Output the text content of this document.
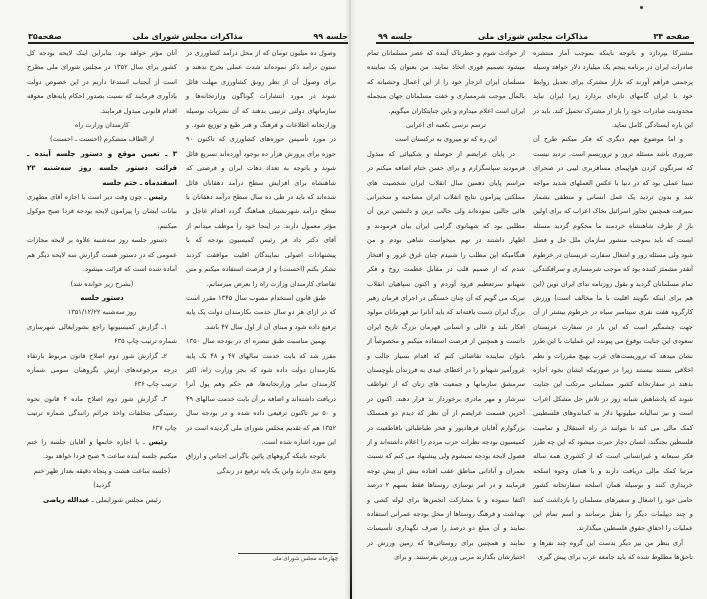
جلسه ۹۹
مذاکرات مجلس شورای ملی
صفحه۳۵	صفحه ۳۴
مذاکرات مجلس شورای ملی
جلسه ۹۹

وصول ده میلیون تومان که از محل درآمد کشاورزی در ستون درآمد ذکر نموده‌اند شدت عملی بخرج ندهند و برای وصول آن از نظر رونق کشاورزی مهلت قائل شوند در مورد انتشارات گوناگون وزارتخانه‌ها و سازمانهای دولتی ترتیبی بدهند که آن نشریات بوسیله وزارتخانه اطلاعات و فرهنگ و هنر طبع و توزیع شود. و در مورد تأسیس حوزه‌های کشاورزی که تاکنون ۹۰ حوزه برای پرورش هزار ده بوجود آورده‌اند تسریع قائل شوند و باتوجه به تعداد دهات ایران و فرصتی که شاهنشاه برای افزایش سطح درآمد دهقانان قائل شده‌اند که باید در طی ده سال سطح درآمد دهقانان با سطح درآمد شهرنشینان هماهنگ گردد اقدام عاجل و مؤثر معمول دارند. در اینجا خود را موظف میدانم از آقای دکتر داد فر رئیس کمیسیون بودجه که با پیشنهادات اصولی نمایندگان اقلیت موافقت کردند تشکر بکنم (احسنت) و از فرصت استفاده میکنم و متن تقاضای کارمندان وزارت راه را بعرض میرسانم.

طبق قانون استخدام مصوب سال ۱۳۴۵ مقرر است که در ازای هر دو سال خدمت بکارمندان دولت یک پایه ترفیع داده شود و مبنای آن از اول سال ۴۷ باشد.

بهمین مناسبت طبق تبصره ای در بودجه سال ۱۳۵۰ مقرر شد که بابت خدمت سالهای ۴۷ و ۴۸ یک پایه بکارمندان دولت داده شود که بجز وزارت راه، اکثر کارمندان سایر وزارتخانه‌ها، هم حکم وهم پول آنرا دریافت داشته‌اند و اضافه بر آن بابت خدمت سالهای ۴۹ و ۵۰ نیز تاکنون ترفیعی داده شده و در بودجه سال ۱۳۵۲ هم که تقدیم مجلس شورای ملی گردیده است در این مورد اشاره شده است.

باتوجه باینکه گروههای پائین باگرانی اجناس و ارزاق وضع بدی دارند واین یک پایه ترفیع در زندگی

چهارخانه مجلس شورای ملی

آنان مؤثر خواهد بود. بنابراین اینک لایحه بودجه کل کشور برای سال ۱۳۵۲ در مجلس شورای ملی مطرح است از آنجناب استدعا داریم در این خصوص دولت یادآوری فرمایند که نسبت بصدور احکام پایه‌های معوقه اقدام قانونی مبذول فرمایند.

کارمندان وزارت راه

از الطاف متشکرم (احسنت ـ احسنت)

۳ ـ تعیین موقع و دستور جلسه آینده ـ قرائت دستور جلسه روز سه‌شنبه ۲۲ اسفندماه ـ ختم جلسه

رئیس ـ چون وقت دیر است با اجازه آقای مطهری بیانات ایشان را پیرامون لایحه بودجه فردا صبح موکول میکنیم.

دستور جلسه روز سه‌شنبه علاوه بر لایحه مجازات عمومی که در دستور هست گزارش سه لایحه دیگر هم آماده شده است که قرائت میشود.

(بشرح زیر خوانده شد)

دستور جلسه

روز سه‌شنبه ۱۳۵۱/۱۲/۲۲

۱ـ گزارش کمیسیونها راجع بشورایعالی شهرسازی شماره ترتیب چاپ ۶۳۵

۲ـ گزارش شور دوم اصلاح قانون مربوط بارتقاء درجه مرجوعه‌های ارتش بگروهبان سومی شماره ترتیب چاپ ۶۳۶

۳ـ گزارش شور دوم اصلاح ماده ۴ قانون نحوه رسیدگی بتخلفات واخذ جرائم رانندگی شماره ترتیب چاپ ۶۳۷

رئیس ـ با اجازه خانمها و آقایان جلسه را ختم میکنیم جلسه آینده ساعت ۹ صبح فردا خواهد بود.

(جلسه ساعت هشت و پنجاه دقیقه بعداز ظهر ختم گردید)

رئیس مجلس شورایملی ـ عبدالله ریاضی

مشترکا بپردازد و باتوجه باینکه بموجب آمار منتشره صادرات ایران در برنامه پنجم یک میلیارد دلار خواهد وسیله پرجمتی فراهم آورند که بازار مشترک برای تعدیل روابط خود با ایران گامهای تازه‌ای بردارد زیرا ایران نباید محدودیت صادرات خود را باز ار مشترک تحمیل کند. باید در این باره ایستادگی کامل نماید.

و اما موضوع مهم دیگری که فکر میکنم طرح آن ضروری باشد مسئله ترور و تروریسم است. تردید نیست که سرنگون کردن هواپیمای مسافربری لیبی در صحرای سینا عملی بود که در دنیا با عکس العملهای شدید مواجه شد و بدون تردید یک عمل انسانی و منطقی بشمار نمیرفت همچنین تجاوز اسرائیل بخاک اعراب که برای اولین بار از طرف شاهنشاه خردمند ما محکوم گردید مسئله ایست که باید بموجب منشور سازمان ملل حل و فصل شود ولی مسئله زور و اشغال سفارت عربستان در خرطوم آنقدر مشمئز کننده بود که موجب شرمساری و سرافکندگی تمام مسلمانان گردید و بقول روزنامه ندای ایران نوین (این هم برای اینکه نگویند اقلیت با ما مخالف است) ورزش کارگروه هفت نفری سپتامبر سیاه در خرطوم بیشتر از آن جهت چشمگیر است که این بار در سفارت عربستان سعودی این جنایت بوقوع می پیوندد این عملیات با این طرز نشان میدهد که تروریست‌های عرب بهیچ مقررات و نظم اخلاقی بستند نیستند زیرا در صورتیکه ایشان بخود اجازه بدهند در سفارتخانه کشور مسلمانی مرتکب این جنایت شوند که پادشاهش شبانه روز در تلاش حل مشکل اعراب است و نیز سالیانه میلیونها دلار به کماندوهای فلسطینی کمک مالی می کند تا بتوانند در راه استقلال و تمامیت فلسطین بجنگند، انسان دچار حیرت میشود که این چه طرز فکر سبعانه و غیرانسانی است که از کشوری همه ساله مرتبا کمک مالی دریافت دارند و با همان وجوه اسلحه خریداری کنند و بوسیله همان اسلحه سفارتخانه کشور حامی خود را اشغال و سفیرهای مسلمان را بازداشت کنند و چند دیپلمات دیگر را بقتل برسانند و اسم تمام این عملیات را احقاق حقوق فلسطین میگذارند.

آری بنظر من نیز دیگر بدست این گروه چند نفرها و ناحق‌ها مطلوط شده که باید جامعه عرب برای پیش گیری

از حوادث شوم و خطرناک آینده که عصر مسلمانان تمام میشود تصمیم فوری اتخاذ نمایند. من بعنوان یک نماینده مسلمان ایران انزجار خود را از این اعمال وحشیانه که بالمآل موجب شرمساری و خفت مسلمانان جهان منجمله ایران است اعلام میدارم و باین جنایتکاران میگویم.

ترسم نرسی بکعبه ای اعرابی

این ره که تو میروی به ترکستان است

در پایان عرایضم از حوصله و شکیبائی که مبذول فرمودید سپاسگزارم و برای حسن ختام اضافه میکنم در مراسم پایان دهمین سال انقلاب ایران شخصیت های مملکتی پیرامون نتایج انقلاب ایران مصاحبه و سخنرانی هائی جالبی نموده‌اند ولی جالب ترین و دلنشین ترین آن مطلبی بود که شهبانوی گرامی ایران بیان فرمودند و اظهار داشتند در نهم میخواست شاهی بودم و من هنگامیکه این مطلب را شنیدم چنان غرق غرور و افتخار شدم که از صمیم قلب در مقابل عظمت روح و فکر شهبانو سرتعظیم فرود آوردم و اکنون سپاهیان انقلاب تبریک می گویم که آن چنان خستگی در اجرای فرمان رهبر بزرگ ایران دست یافته‌اند که باید آنانرا نیز قهرمانان مولود افکار بلند و عالی و انسانی قهرمان بزرگ تاریخ ایران دانست و همچنین از فرصت استفاده میکنم و مخصوصاً از بانوان نماینده تقاضائی کنم که اقدام بسیار جالب و غرورآمیز شهبانو را در اعطای عیدی به فرزندان بلوچستان سرمشق سازمانها و جمعیت های زنان که از عواطف سرشار و مهر مادری برخوردار ند قرار دهند. اکنون در آخرین قسمت عرایضم از آن نظر که دیدم دو همسلک بزرگوارم آقایان فرهادپور و فخر طباطبائی باقاطعیت در کمیسیون بودجه نظرات حزب مردم را اعلام داشته‌اند و از فصول لایحه بودجه نمیشوم ولی پیشنهاد می کنم که نسبت بعمران و آبادانی مناطق عقب افتاده بیش از پیش توجه فرمایند و در امر نوسازی روستاها فقط بسهم ۲ درصد اکتفا ننموده و با مشارکت انجمن‌ها برای لوله کشی و بهداشت و فرهنگ روستاها از محل بودجه عمرانی استفاده نمایند و آن مبلغ دو درصد را صرف نگهداری تأسیسات نمایند و همچنین برای روستائی‌ها که زمین ورزش در اختیارشان بگذارند مربی ورزش بفرستند. و برای
